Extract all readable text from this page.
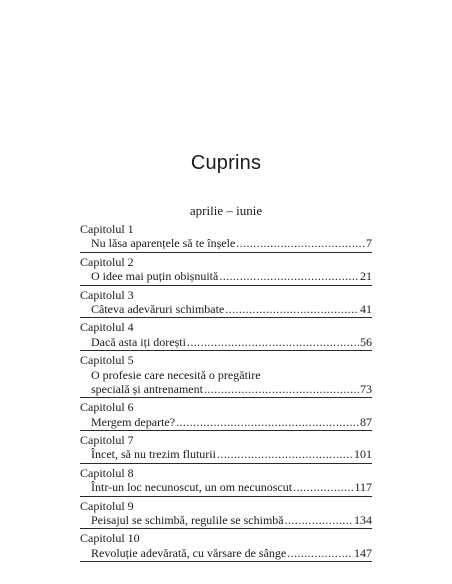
Cuprins
aprilie – iunie
Capitolul 1
Nu lăsa aparențele să te înșele .....	7
Capitolul 2
O idee mai puțin obișnuită .....	21
Capitolul 3
Câteva adevăruri schimbate .....	41
Capitolul 4
Dacă asta iți dorești .....	56
Capitolul 5
O profesie care necesită o pregătire
specială și antrenament .....	73
Capitolul 6
Mergem departe? .....	87
Capitolul 7
Încet, să nu trezim fluturii .....	101
Capitolul 8
Într-un loc necunoscut, un om necunoscut .....	117
Capitolul 9
Peisajul se schimbă, regulile se schimbă .....	134
Capitolul 10
Revoluție adevărată, cu vărsare de sânge .....	147
